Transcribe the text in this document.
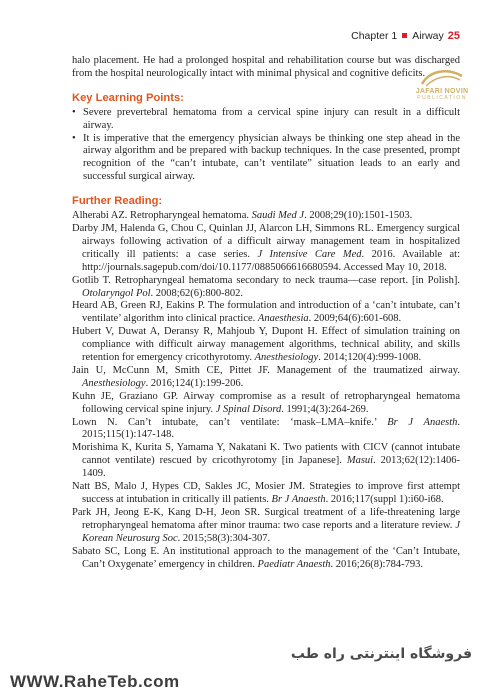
Chapter 1 Airway 25
JAFARI NOVIN
PUBLICATION

halo placement. He had a prolonged hospital and rehabilitation course but was discharged from the hospital neurologically intact with minimal physical and cognitive deficits.

Key Learning Points:
• Severe prevertebral hematoma from a cervical spine injury can result in a difficult airway.
• It is imperative that the emergency physician always be thinking one step ahead in the airway algorithm and be prepared with backup techniques. In the case presented, prompt recognition of the “can’t intubate, can’t ventilate” situation leads to an early and successful surgical airway.
Further Reading:
Alherabi AZ. Retropharyngeal hematoma. Saudi Med J. 2008;29(10):1501-1503.
Darby JM, Halenda G, Chou C, Quinlan JJ, Alarcon LH, Simmons RL. Emergency surgical airways following activation of a difficult airway management team in hospitalized critically ill patients: a case series. J Intensive Care Med. 2016. Available at: http://journals.sagepub.com/doi/10.1177/0885066616680594. Accessed May 10, 2018.
Gotlib T. Retropharyngeal hematoma secondary to neck trauma—case report. [in Polish]. Otolaryngol Pol. 2008;62(6):800-802.
Heard AB, Green RJ, Eakins P. The formulation and introduction of a ‘can’t intubate, can’t ventilate’ algorithm into clinical practice. Anaesthesia. 2009;64(6):601-608.
Hubert V, Duwat A, Deransy R, Mahjoub Y, Dupont H. Effect of simulation training on compliance with difficult airway management algorithms, technical ability, and skills retention for emergency cricothyrotomy. Anesthesiology. 2014;120(4):999-1008.
Jain U, McCunn M, Smith CE, Pittet JF. Management of the traumatized airway. Anesthesiology. 2016;124(1):199-206.
Kuhn JE, Graziano GP. Airway compromise as a result of retropharyngeal hematoma following cervical spine injury. J Spinal Disord. 1991;4(3):264-269.
Lown N. Can’t intubate, can’t ventilate: ‘mask–LMA–knife.’ Br J Anaesth. 2015;115(1):147-148.
Morishima K, Kurita S, Yamama Y, Nakatani K. Two patients with CICV (cannot intubate cannot ventilate) rescued by cricothyrotomy [in Japanese]. Masui. 2013;62(12):1406-1409.
Natt BS, Malo J, Hypes CD, Sakles JC, Mosier JM. Strategies to improve first attempt success at intubation in critically ill patients. Br J Anaesth. 2016;117(suppl 1):i60-i68.
Park JH, Jeong E-K, Kang D-H, Jeon SR. Surgical treatment of a life-threatening large retropharyngeal hematoma after minor trauma: two case reports and a literature review. J Korean Neurosurg Soc. 2015;58(3):304-307.
Sabato SC, Long E. An institutional approach to the management of the ‘Can’t Intubate, Can’t Oxygenate’ emergency in children. Paediatr Anaesth. 2016;26(8):784-793.
فروشگاه اینترنتی راه طب
WWW.RaheTeb.com
